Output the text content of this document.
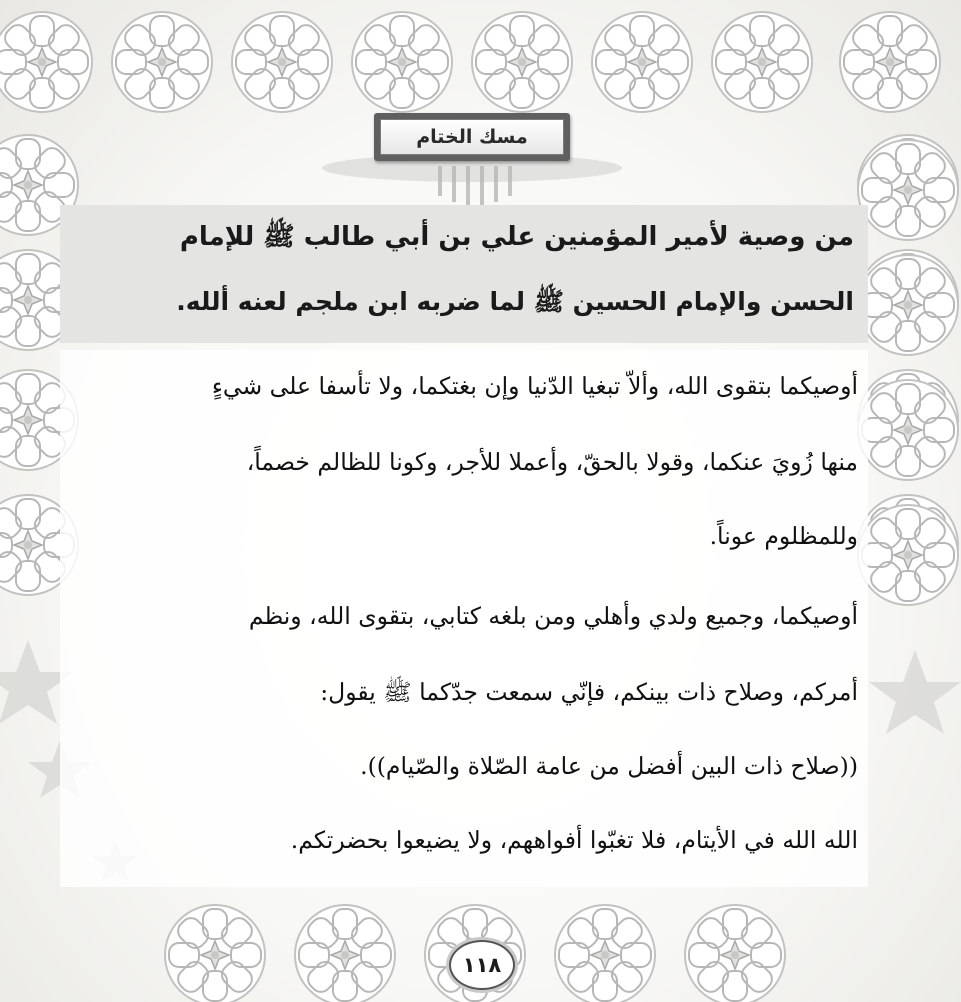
مسك الختام
من وصية لأمير المؤمنين علي بن أبي طالب ﷺ للإمام
الحسن والإمام الحسين ﷺ لما ضربه ابن ملجم لعنه ألله.
أوصيكما بتقوى الله، وألاّ تبغيا الدّنيا وإن بغتكما، ولا تأسفا على شيءٍ
منها زُويَ عنكما، وقولا بالحقّ، وأعملا للأجر، وكونا للظالم خصماً،
وللمظلوم عوناً.
أوصيكما، وجميع ولدي وأهلي ومن بلغه كتابي، بتقوى الله، ونظم
أمركم، وصلاح ذات بينكم، فإنّي سمعت جدّكما ﷺ يقول:
((صلاح ذات البين أفضل من عامة الصّلاة والصّيام)).
الله الله في الأيتام، فلا تغبّوا أفواههم، ولا يضيعوا بحضرتكم.
١١٨
